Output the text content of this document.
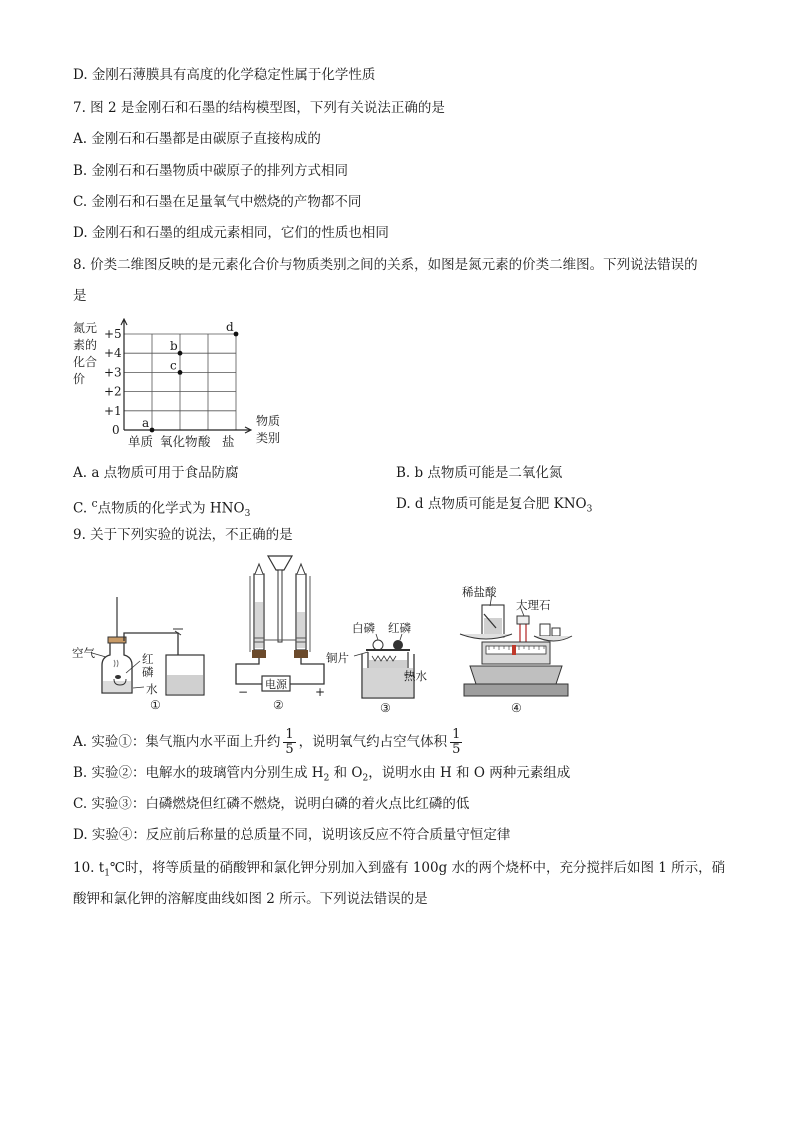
D. 金刚石薄膜具有高度的化学稳定性属于化学性质
7. 图 2 是金刚石和石墨的结构模型图，下列有关说法正确的是
A. 金刚石和石墨都是由碳原子直接构成的
B. 金刚石和石墨物质中碳原子的排列方式相同
C. 金刚石和石墨在足量氧气中燃烧的产物都不同
D. 金刚石和石墨的组成元素相同，它们的性质也相同
8. 价类二维图反映的是元素化合价与物质类别之间的关系，如图是氮元素的价类二维图。下列说法错误的
是
氮元
素的
化合
价
0
+1
+2
+3
+4
+5
单质 氧化物 酸 盐
a
b
c
d
物质
类别
A. a 点物质可用于食品防腐	B. b 点物质可能是二氧化氮
C. $^c$点物质的化学式为 $HNO_3$
D. d 点物质可能是复合肥 $KNO_3$
9. 关于下列实验的说法，不正确的是
空气	红
磷
水
①
电源
−	+
②
白磷 红磷
铜片
热水
③
稀盐酸
大理石
④
A. 实验①：集气瓶内水平面上升约 $\frac{1}{5}$ ，说明氧气约占空气体积 $\frac{1}{5}$
B. 实验②：电解水的玻璃管内分别生成 $H_2$ 和 $O_2$，说明水由 H 和 O 两种元素组成
C. 实验③：白磷燃烧但红磷不燃烧，说明白磷的着火点比红磷的低
D. 实验④：反应前后称量的总质量不同，说明该反应不符合质量守恒定律
10. $t_1℃$时，将等质量的硝酸钾和氯化钾分别加入到盛有 100g 水的两个烧杯中，充分搅拌后如图 1 所示，硝
酸钾和氯化钾的溶解度曲线如图 2 所示。下列说法错误的是
